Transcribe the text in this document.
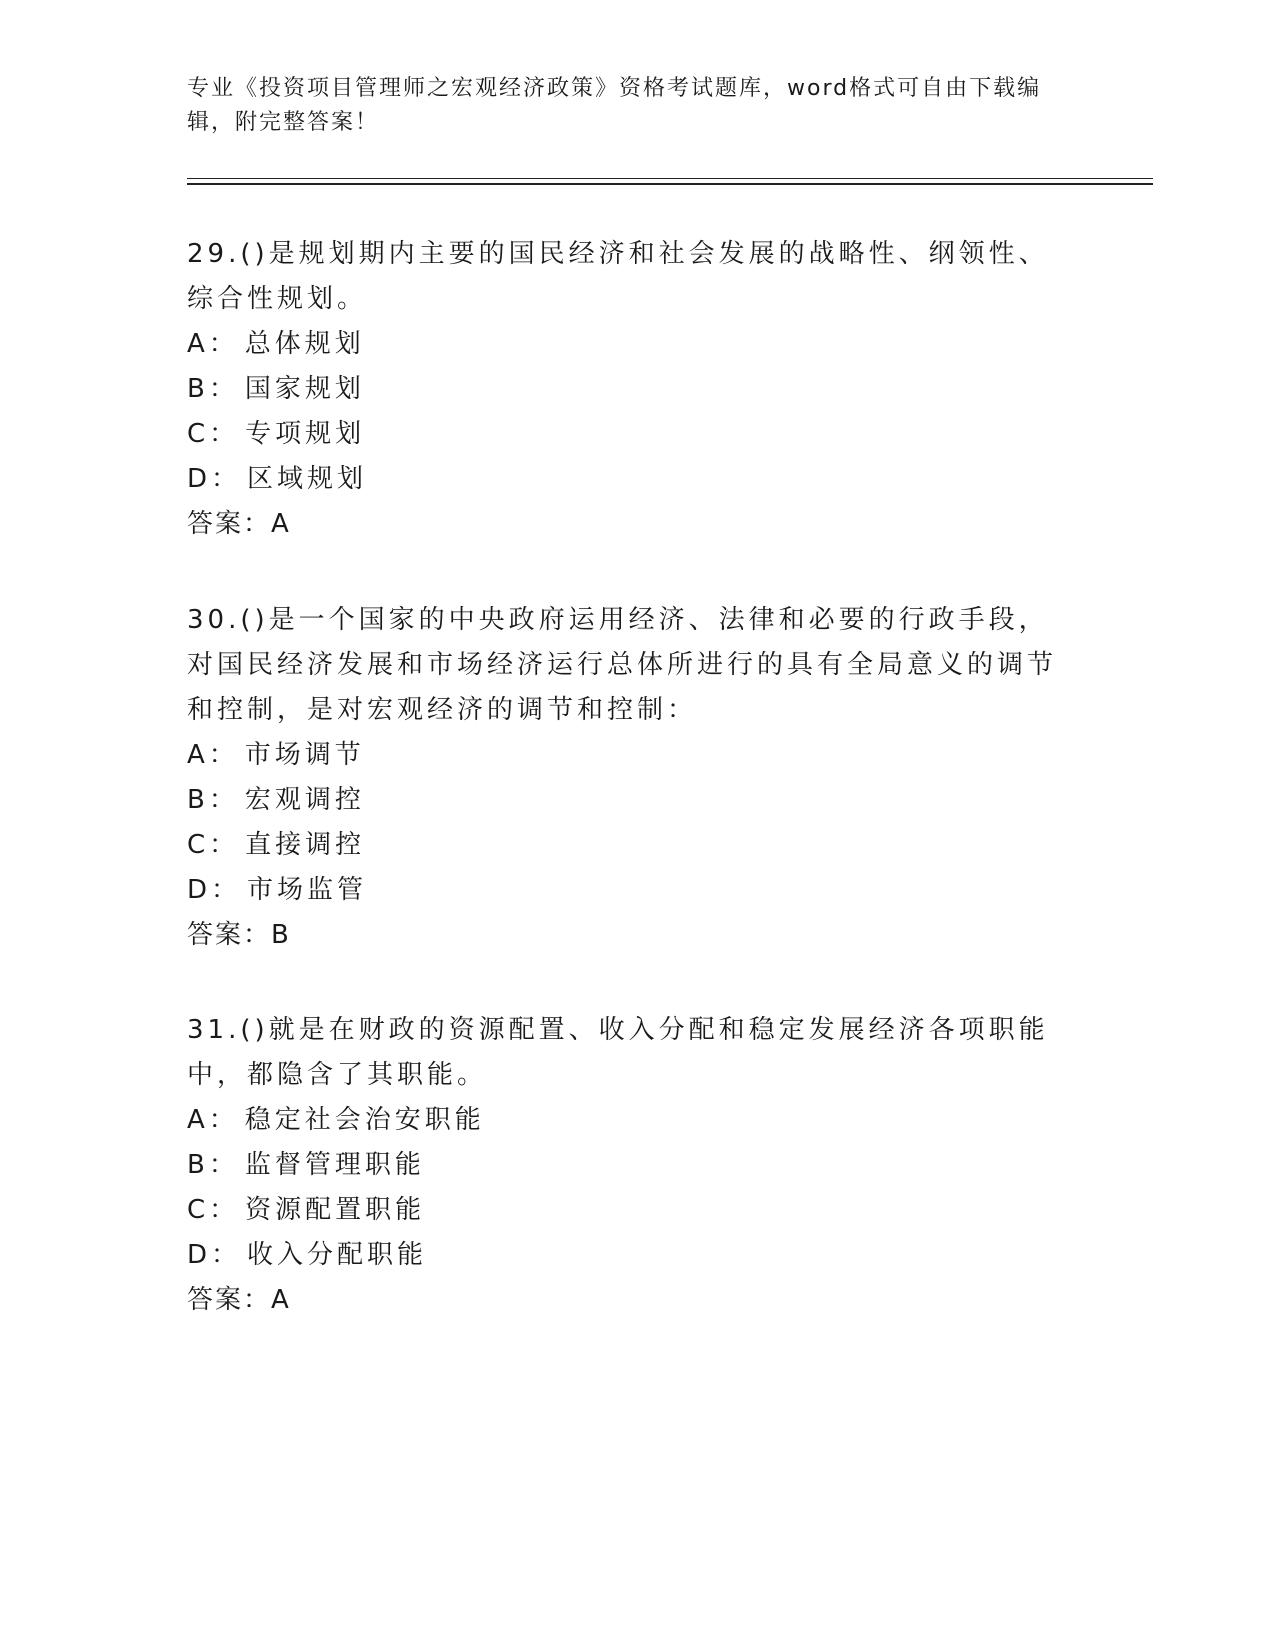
专业《投资项目管理师之宏观经济政策》资格考试题库，word格式可自由下载编辑，附完整答案！

29.()是规划期内主要的国民经济和社会发展的战略性、纲领性、综合性规划。

A： 总体规划

B： 国家规划

C： 专项规划

D： 区域规划

答案：A

30.()是一个国家的中央政府运用经济、法律和必要的行政手段，对国民经济发展和市场经济运行总体所进行的具有全局意义的调节和控制，是对宏观经济的调节和控制：

A： 市场调节

B： 宏观调控

C： 直接调控

D： 市场监管

答案：B

31.()就是在财政的资源配置、收入分配和稳定发展经济各项职能中，都隐含了其职能。

A： 稳定社会治安职能

B： 监督管理职能

C： 资源配置职能

D： 收入分配职能

答案：A
